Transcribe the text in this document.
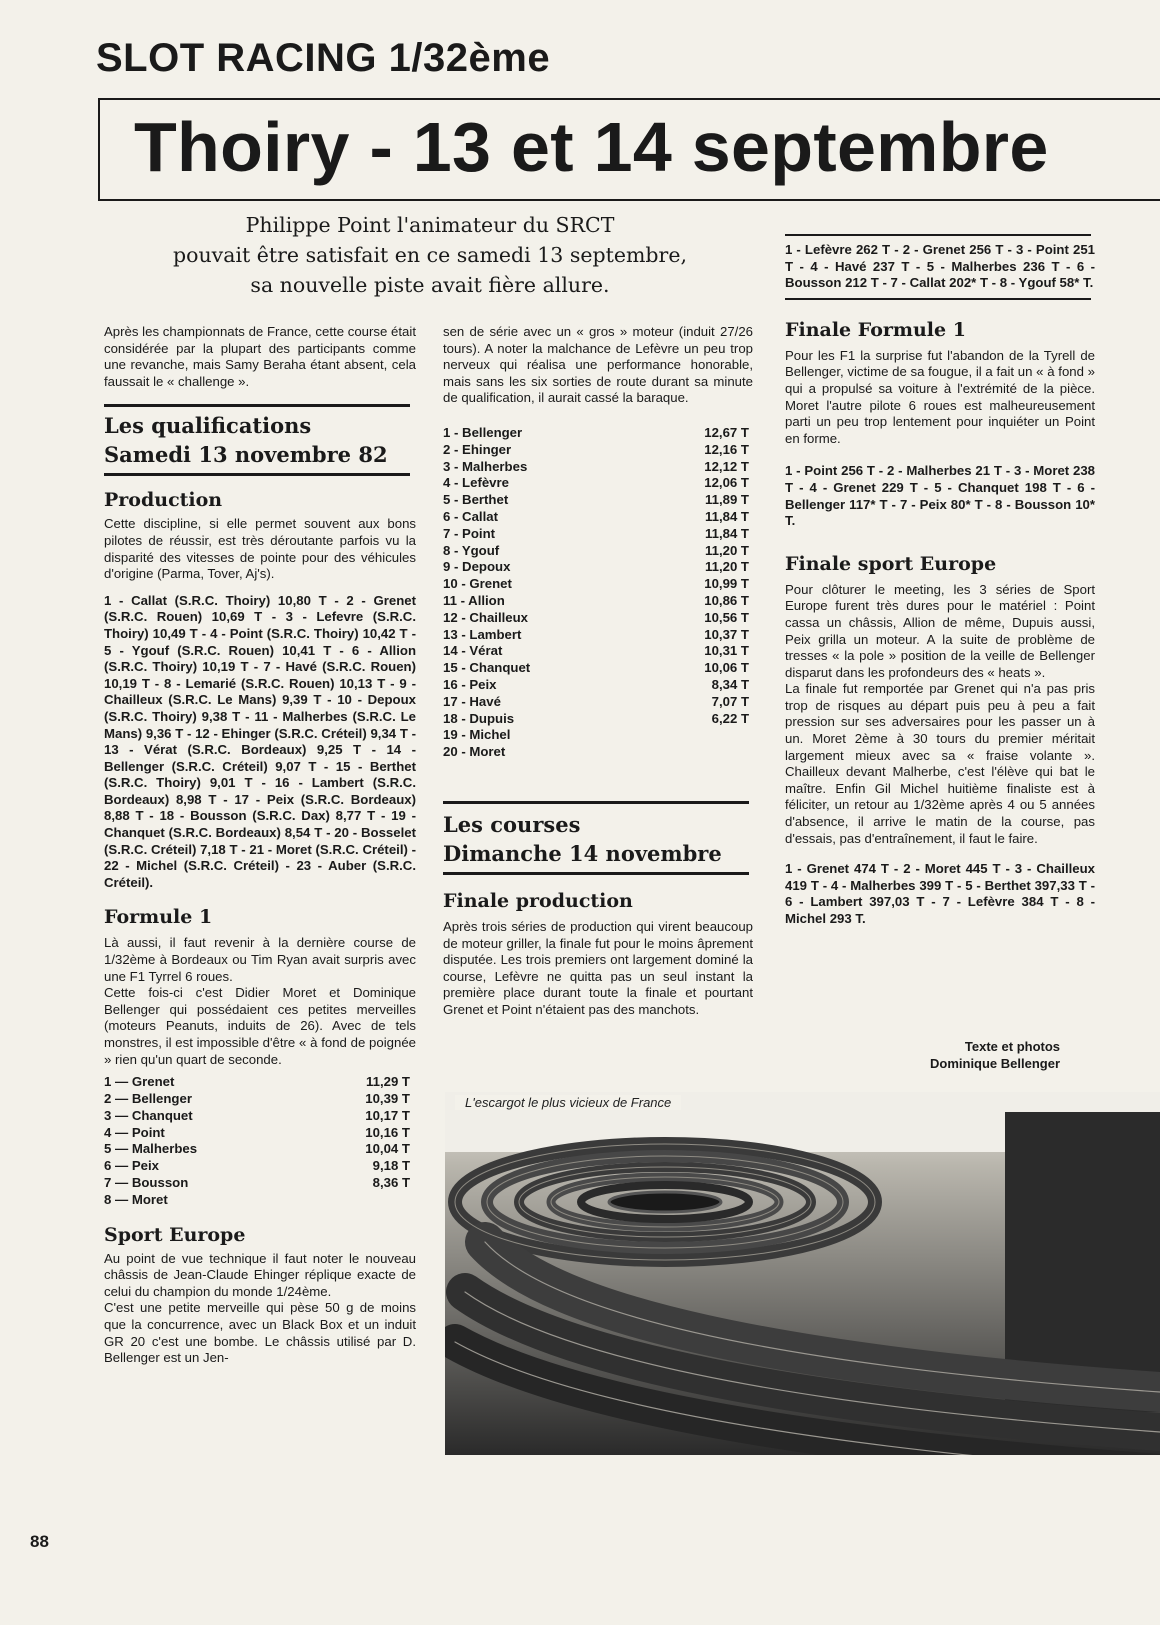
SLOT RACING 1/32ème
Thoiry - 13 et 14 septembre
Philippe Point l'animateur du SRCT
pouvait être satisfait en ce samedi 13 septembre,
sa nouvelle piste avait fière allure.

Après les championnats de France, cette course était considérée par la plupart des participants comme une revanche, mais Samy Beraha étant absent, cela faussait le « challenge ».

Les qualifications
Samedi 13 novembre 82
Production

Cette discipline, si elle permet souvent aux bons pilotes de réussir, est très déroutante parfois vu la disparité des vitesses de pointe pour des véhicules d'origine (Parma, Tover, Aj's).

1 - Callat (S.R.C. Thoiry) 10,80 T - 2 - Grenet (S.R.C. Rouen) 10,69 T - 3 - Lefevre (S.R.C. Thoiry) 10,49 T - 4 - Point (S.R.C. Thoiry) 10,42 T - 5 - Ygouf (S.R.C. Rouen) 10,41 T - 6 - Allion (S.R.C. Thoiry) 10,19 T - 7 - Havé (S.R.C. Rouen) 10,19 T - 8 - Lemarié (S.R.C. Rouen) 10,13 T - 9 - Chailleux (S.R.C. Le Mans) 9,39 T - 10 - Depoux (S.R.C. Thoiry) 9,38 T - 11 - Malherbes (S.R.C. Le Mans) 9,36 T - 12 - Ehinger (S.R.C. Créteil) 9,34 T - 13 - Vérat (S.R.C. Bordeaux) 9,25 T - 14 - Bellenger (S.R.C. Créteil) 9,07 T - 15 - Berthet (S.R.C. Thoiry) 9,01 T - 16 - Lambert (S.R.C. Bordeaux) 8,98 T - 17 - Peix (S.R.C. Bordeaux) 8,88 T - 18 - Bousson (S.R.C. Dax) 8,77 T - 19 - Chanquet (S.R.C. Bordeaux) 8,54 T - 20 - Bosselet (S.R.C. Créteil) 7,18 T - 21 - Moret (S.R.C. Créteil) - 22 - Michel (S.R.C. Créteil) - 23 - Auber (S.R.C. Créteil).

Formule 1

Là aussi, il faut revenir à la dernière course de 1/32ème à Bordeaux ou Tim Ryan avait surpris avec une F1 Tyrrel 6 roues.

Cette fois-ci c'est Didier Moret et Dominique Bellenger qui possédaient ces petites merveilles (moteurs Peanuts, induits de 26). Avec de tels monstres, il est impossible d'être « à fond de poignée » rien qu'un quart de seconde.

1 — Grenet	11,29 T
2 — Bellenger	10,39 T
3 — Chanquet	10,17 T
4 — Point	10,16 T
5 — Malherbes	10,04 T
6 — Peix	9,18 T
7 — Bousson	8,36 T
8 — Moret	
Sport Europe

Au point de vue technique il faut noter le nouveau châssis de Jean-Claude Ehinger réplique exacte de celui du champion du monde 1/24ème.

C'est une petite merveille qui pèse 50 g de moins que la concurrence, avec un Black Box et un induit GR 20 c'est une bombe. Le châssis utilisé par D. Bellenger est un Jen-

sen de série avec un « gros » moteur (induit 27/26 tours). A noter la malchance de Lefèvre un peu trop nerveux qui réalisa une performance honorable, mais sans les six sorties de route durant sa minute de qualification, il aurait cassé la baraque.

1 - Bellenger	12,67 T
2 - Ehinger	12,16 T
3 - Malherbes	12,12 T
4 - Lefèvre	12,06 T
5 - Berthet	11,89 T
6 - Callat	11,84 T
7 - Point	11,84 T
8 - Ygouf	11,20 T
9 - Depoux	11,20 T
10 - Grenet	10,99 T
11 - Allion	10,86 T
12 - Chailleux	10,56 T
13 - Lambert	10,37 T
14 - Vérat	10,31 T
15 - Chanquet	10,06 T
16 - Peix	8,34 T
17 - Havé	7,07 T
18 - Dupuis	6,22 T
19 - Michel	
20 - Moret	
Les courses
Dimanche 14 novembre
Finale production

Après trois séries de production qui virent beaucoup de moteur griller, la finale fut pour le moins âprement disputée. Les trois premiers ont largement dominé la course, Lefèvre ne quitta pas un seul instant la première place durant toute la finale et pourtant Grenet et Point n'étaient pas des manchots.

1 - Lefèvre 262 T - 2 - Grenet 256 T - 3 - Point 251 T - 4 - Havé 237 T - 5 - Malherbes 236 T - 6 - Bousson 212 T - 7 - Callat 202* T - 8 - Ygouf 58* T.

Finale Formule 1

Pour les F1 la surprise fut l'abandon de la Tyrell de Bellenger, victime de sa fougue, il a fait un « à fond » qui a propulsé sa voiture à l'extrémité de la pièce. Moret l'autre pilote 6 roues est malheureusement parti un peu trop lentement pour inquiéter un Point en forme.

1 - Point 256 T - 2 - Malherbes 21 T - 3 - Moret 238 T - 4 - Grenet 229 T - 5 - Chanquet 198 T - 6 - Bellenger 117* T - 7 - Peix 80* T - 8 - Bousson 10* T.

Finale sport Europe

Pour clôturer le meeting, les 3 séries de Sport Europe furent très dures pour le matériel : Point cassa un châssis, Allion de même, Dupuis aussi, Peix grilla un moteur. A la suite de problème de tresses « la pole » position de la veille de Bellenger disparut dans les profondeurs des « heats ».

La finale fut remportée par Grenet qui n'a pas pris trop de risques au départ puis peu à peu a fait pression sur ses adversaires pour les passer un à un. Moret 2ème à 30 tours du premier méritait largement mieux avec sa « fraise volante ». Chailleux devant Malherbe, c'est l'élève qui bat le maître. Enfin Gil Michel huitième finaliste est à féliciter, un retour au 1/32ème après 4 ou 5 années d'absence, il arrive le matin de la course, pas d'essais, pas d'entraînement, il faut le faire.

1 - Grenet 474 T - 2 - Moret 445 T - 3 - Chailleux 419 T - 4 - Malherbes 399 T - 5 - Berthet 397,33 T - 6 - Lambert 397,03 T - 7 - Lefèvre 384 T - 8 - Michel 293 T.

Texte et photos
Dominique Bellenger
L'escargot le plus vicieux de France
88
